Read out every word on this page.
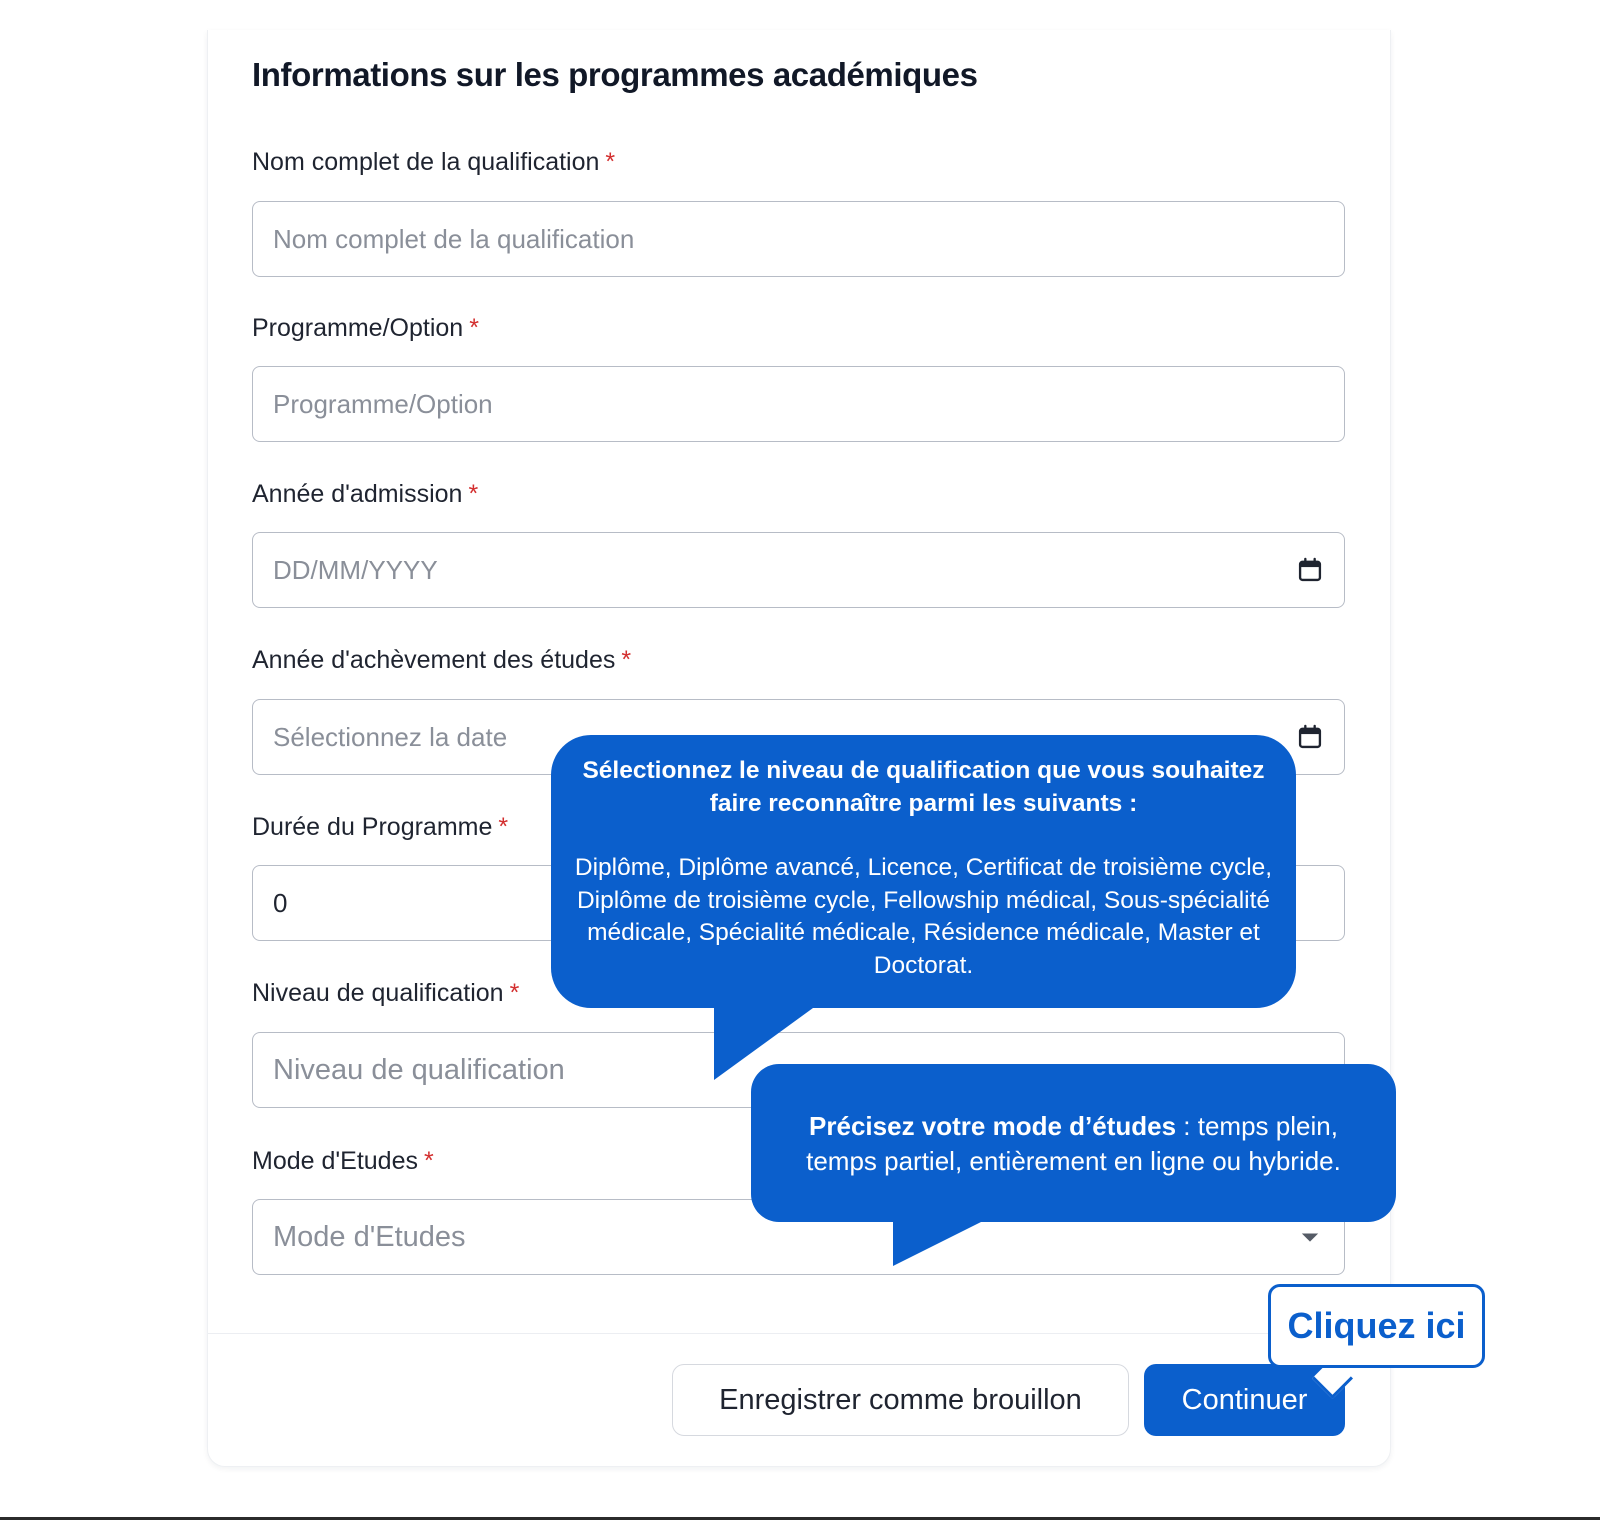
Informations sur les programmes académiques
Nom complet de la qualification *
Nom complet de la qualification
Programme/Option *
Programme/Option
Année d'admission *
DD/MM/YYYY
Année d'achèvement des études *
Sélectionnez la date
Durée du Programme *
0
Niveau de qualification *
Niveau de qualification
Mode d'Etudes *
Mode d'Etudes
Enregistrer comme brouillon	Continuer

Sélectionnez le niveau de qualification que vous souhaitez faire reconnaître parmi les suivants :

Diplôme, Diplôme avancé, Licence, Certificat de troisième cycle, Diplôme de troisième cycle, Fellowship médical, Sous-spécialité médicale, Spécialité médicale, Résidence médicale, Master et Doctorat.

Précisez votre mode d’études : temps plein, temps partiel, entièrement en ligne ou hybride.
Cliquez ici
